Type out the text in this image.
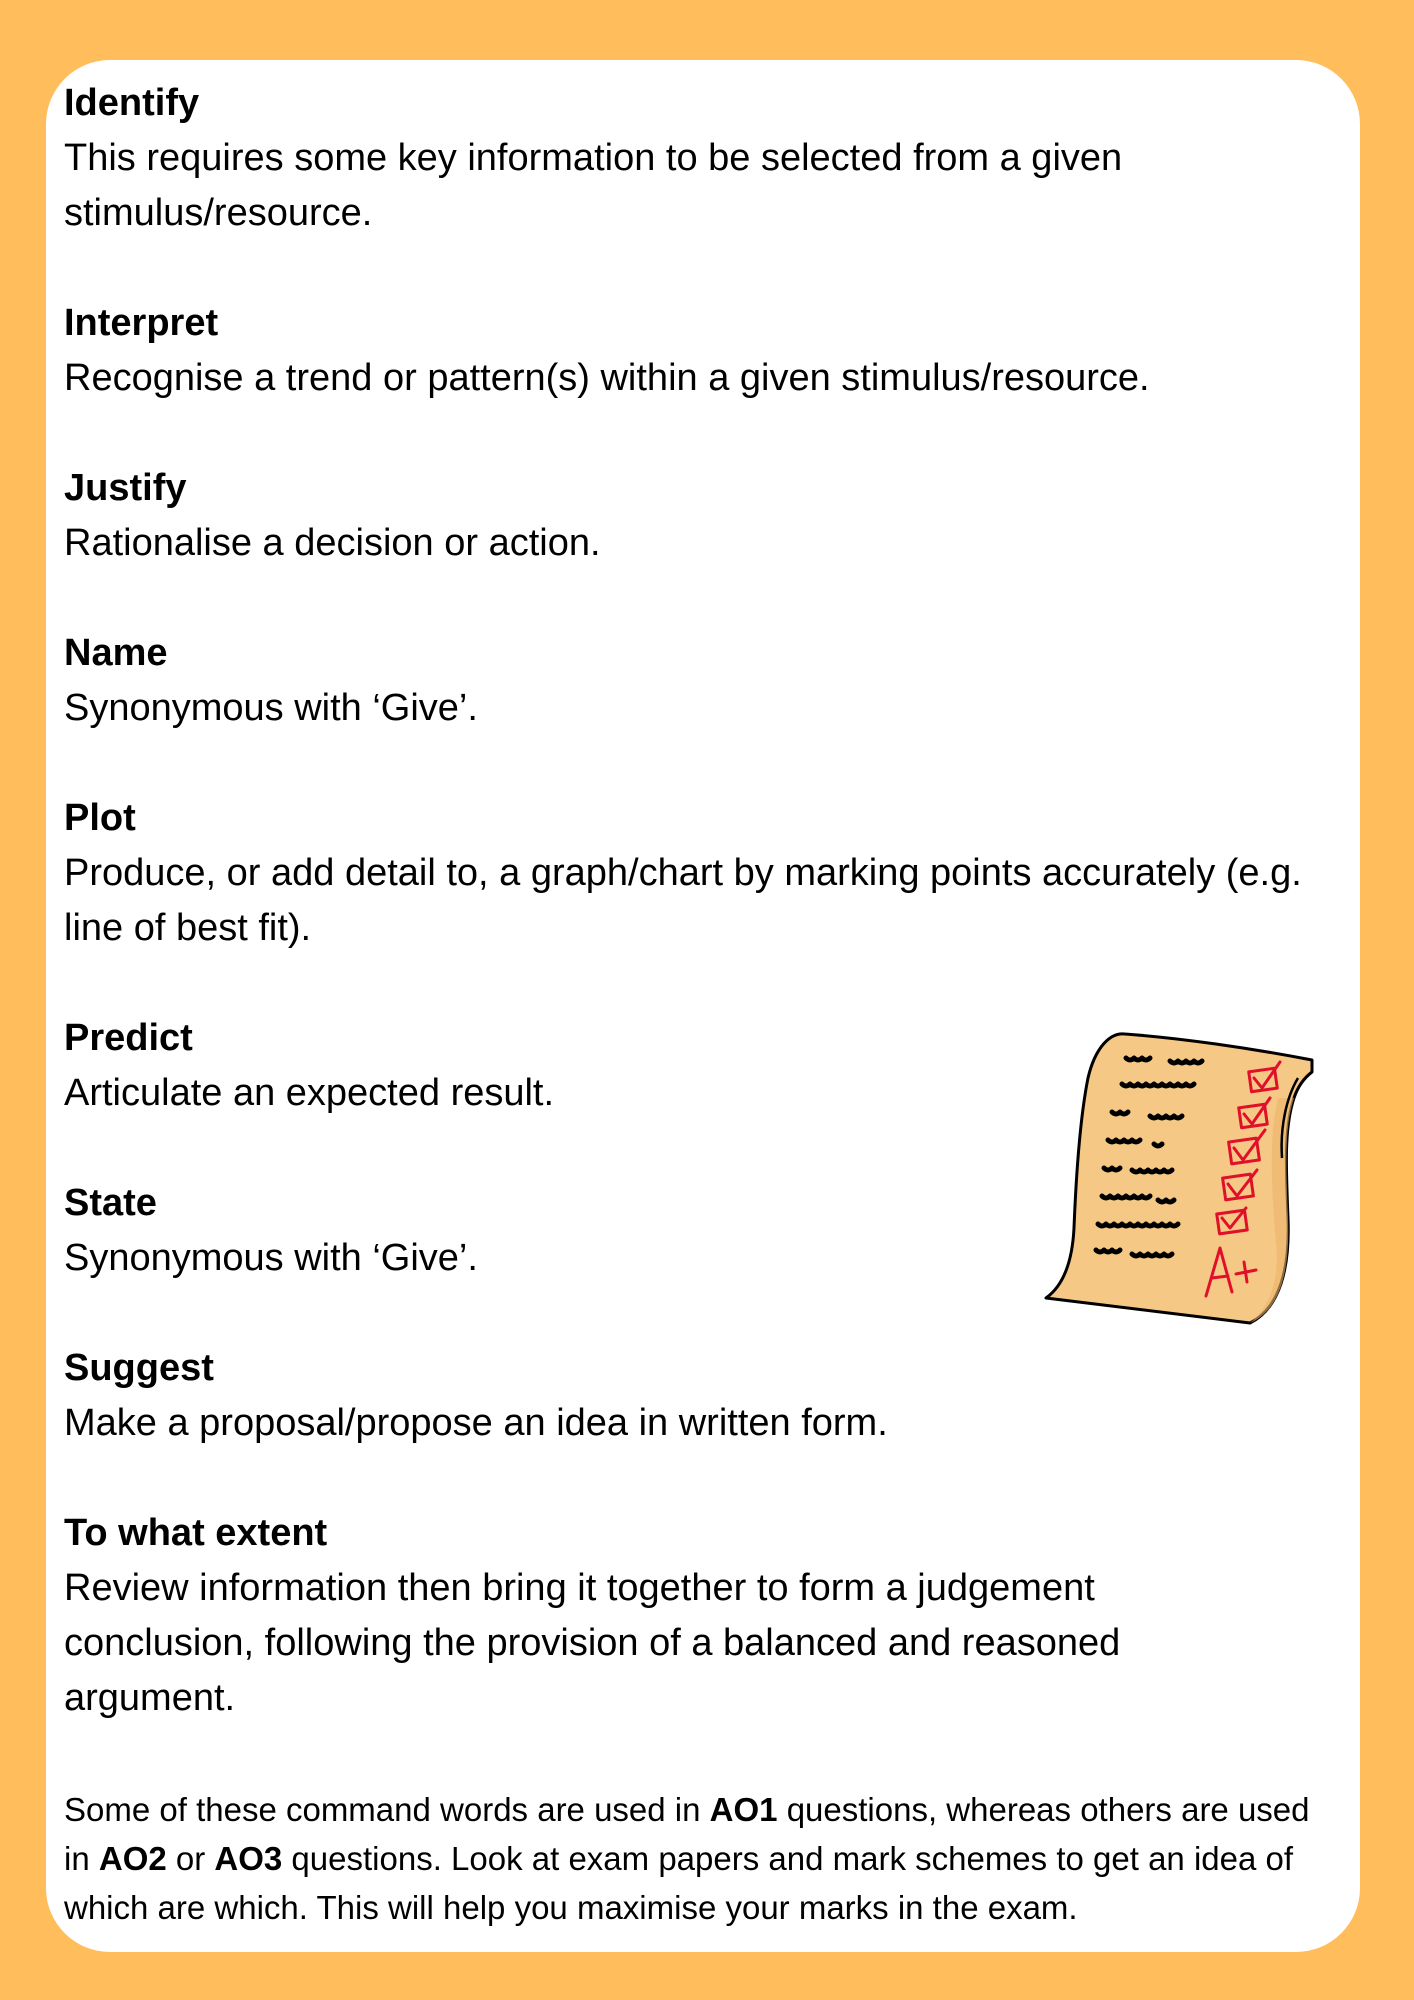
Identify
This requires some key information to be selected from a given stimulus/resource.
Interpret
Recognise a trend or pattern(s) within a given stimulus/resource.
Justify
Rationalise a decision or action.
Name
Synonymous with ‘Give’.
Plot
Produce, or add detail to, a graph/chart by marking points accurately (e.g. line of best fit).
Predict
Articulate an expected result.
State
Synonymous with ‘Give’.
Suggest
Make a proposal/propose an idea in written form.
To what extent
Review information then bring it together to form a judgement conclusion, following the provision of a balanced and reasoned argument.
Some of these command words are used in AO1 questions, whereas others are used in AO2 or AO3 questions. Look at exam papers and mark schemes to get an idea of which are which. This will help you maximise your marks in the exam.
